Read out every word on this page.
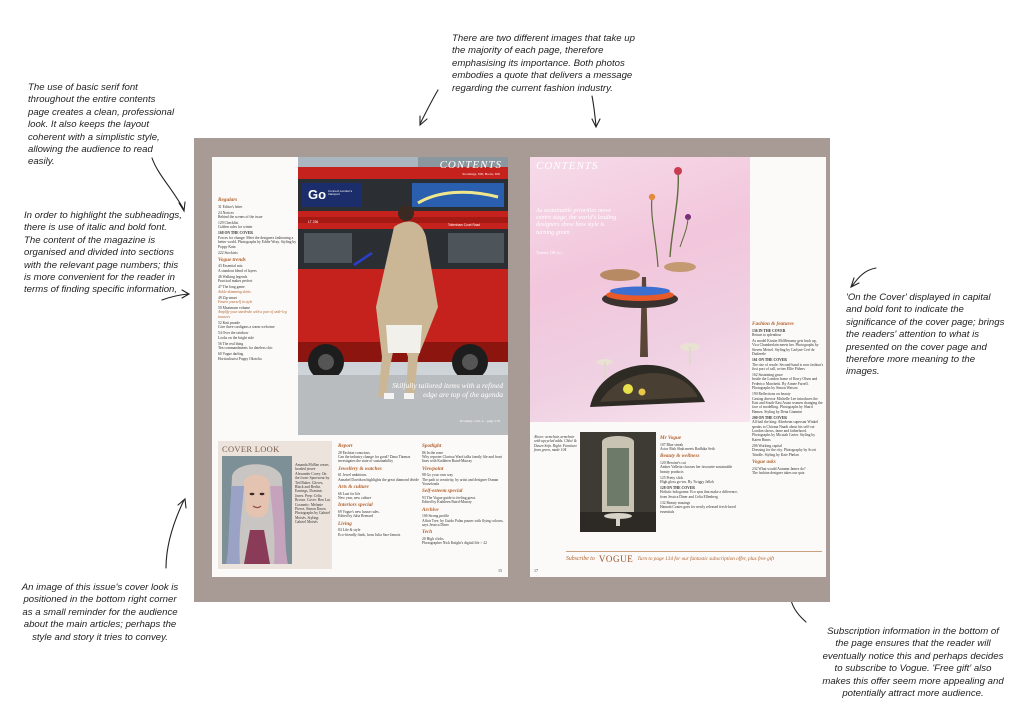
The use of basic serif font throughout the entire contents page creates a clean, professional look. It also keeps the layout coherent with a simplistic style, allowing the audience to read easily.
In order to highlight the subheadings, there is use of italic and bold font. The content of the magazine is organised and divided into sections with the relevant page numbers; this is more convenient for the reader in terms of finding specific information,
There are two different images that take up the majority of each page, therefore emphasising its importance. Both photos embodies a quote that delivers a message regarding the current fashion industry.
'On the Cover' displayed in capital and bold font to indicate the significance of the cover page; brings the readers' attention to what is presented on the cover page and therefore more meaning to the images.
An image of this issue's cover look is positioned in the bottom right corner as a small reminder for the audience about the main articles; perhaps the style and story it tries to convey.
Subscription information in the bottom of the page ensures that the reader will eventually notice this and perhaps decides to subscribe to Vogue. 'Free gift' also makes this offer seem more appealing and potentially attract more audience.
Go Connect London's transport
LT 236
Tottenham Court Road
CONTENTS
Stockings, £00, Boots, £00
Skilfully tailored items with a refined edge are top of the agenda
Trending: coat, £... page 176
Regulars
31 Editor's letter
24 Notices
Behind the scenes of the issue
129 Checklist
Golden rules for winter
168 ON THE COVER
Forces for change: Meet the designers fashioning a better world. Photographs by Eddie Wray. Styling by Poppy Kain
222 Stockists
Vogue trends
43 Essential mix
A standout blend of layers
46 Walking legends
Practical makes perfect
47 The long game
Ankle-skimming skirts
49 Zip smart
Fasten yourself in style
50 Maximum volume
Amplify your wardrobe with a pair of wide-leg trousers
52 Knit parade
Give three cardigans a warm welcome
54 Over the rainbow
Looks on the bright side
56 The real thing
Ten commandments for dateless chic
60 Vogue darling
Horticulturist Poppy Okotcha
COVER LOOK
Amanda McRae wears hooded jersee Alexander Corey. On the front: Sportwear by Ted Baker. Gloves, Black and Berlin. Earrings, Dominic Jones. Prep: Celia Brown. Cover: Ben Lui. Cosmetic: Melanie Pierce, Simon Dawn. Photographs by Gabriel Moisés. Styling: Gabriel Moisés
Report
28 Fashion conscious
Can the industry change for good? Dana Thomas investigates the state of sustainability
Jewellery & watches
61 Jewel ambitions
Annabel Davidson highlights the great diamond divide
Arts & culture
66 Lust for life
New year, new culture
Interiors special
69 Vogue's new house rules.
Edited by Julia Brenard
Living
84 Life & style
Eco-friendly finds, from Julia Sarr-Jamois
Spotlight
86 In the zone
Why reporter Clarissa Ward talks family life and front lines with Kathleen Baird-Murray
Viewpoint
88 Go your own way
The path to creativity, by artist and designer Osman Yousefzada
Self-esteem special
93 The Vogue guide to feeling great.
Edited by Kathleen Baird-Murray
Archive
106 Strong profile
Affair Tree, by Guido Palau passes with flying colours, says Jessica Diner
Tech
20 High clicks
Photographer Nick Knight's digital life > 22
15
CONTENTS
As sustainable priorities move centre stage, the world's leading designers show how style is turning green
Trainers, £00, by...
Fashion & features
136 IN THE COVER
Return to splendour
As model Kirstin McMenamy gets back up, Vica Chamberlain meets her. Photographs by Steven Meisel. Styling by Carlyne Cerf de Dudzeele
161 ON THE COVER
The rise of resale: Second-hand is now fashion's first port of call, writes Ellie Pithers
162 Sustaining grace
Inside the London home of Kerry Olsen and Federico Marchetti. By Aimee Farrell. Photographs by Simon Watson
190 Reflections on beauty
Casting director Michelle Lee introduces the East and South-East Asian women changing the face of modelling. Photographs by Sharif Hamza. Styling by Dena Giannini
200 ON THE COVER
All hail the king: Alterbean superstar Winkel speaks to Chioma Nnadi about his self-cut London shows, fame and fatherhood. Photographs by Micaiah Carter. Styling by Karen Binns
206 Working capital
Dressing for the city. Photography by Scott Trindle. Styling by Kate Phelan
Vogue asks
232 What would Autumn James do?
The fashion designer takes our quiz
Above: armchair, armchair with upcycled adds. Chloé & Dusen Sofa. Right: Furniture from green, made 104
Mr Vogue
107 Blue streak
Actor Rish Shah meets Radhika Seth
Beauty & wellness
120 Heroine's cut
Amber Valletta chooses her favourite sustainable beauty products
125 Pretty slick
High gloss go-tos. By Twiggy Jalloh
128 ON THE COVER
Holistic holograms: Eco spas that make a difference, from Jessica Diner and Celia Ellenberg
132 Beauty musings
Hannah Coates goes for newly released fresh-faced essentials
Subscribe to VOGUE Turn to page 134 for our fantastic subscription offer, plus free gift
17
